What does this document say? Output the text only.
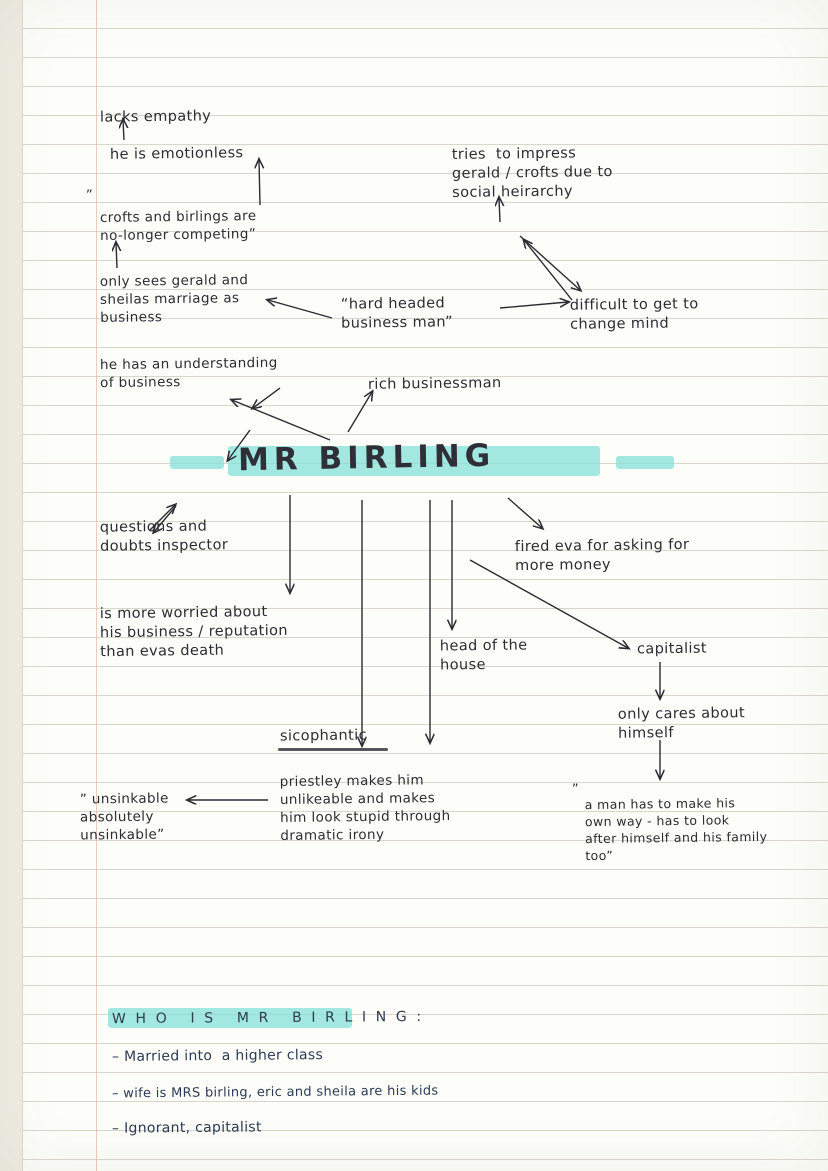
MR BIRLING
lacks empathy
he is emotionless
”
crofts and birlings are
no-longer competing”
only sees gerald and
sheilas marriage as
business
he has an understanding
of business
tries  to impress
gerald / crofts due to
social heirarchy
“hard headed
business man”
difficult to get to
change mind
rich businessman
questions and
doubts inspector	fired eva for asking for
more money
is more worried about
his business / reputation
than evas death	head of the
house
capitalist
only cares about
himself
sicophantic
priestley makes him
unlikeable and makes
him look stupid through
dramatic irony
” unsinkable
absolutely
unsinkable”
”
a man has to make his
own way - has to look
after himself and his family
too”
W H O   I S   M R   B I R L I N G :
– Married into  a higher class
– wife is MRS birling, eric and sheila are his kids
– Ignorant, capitalist
